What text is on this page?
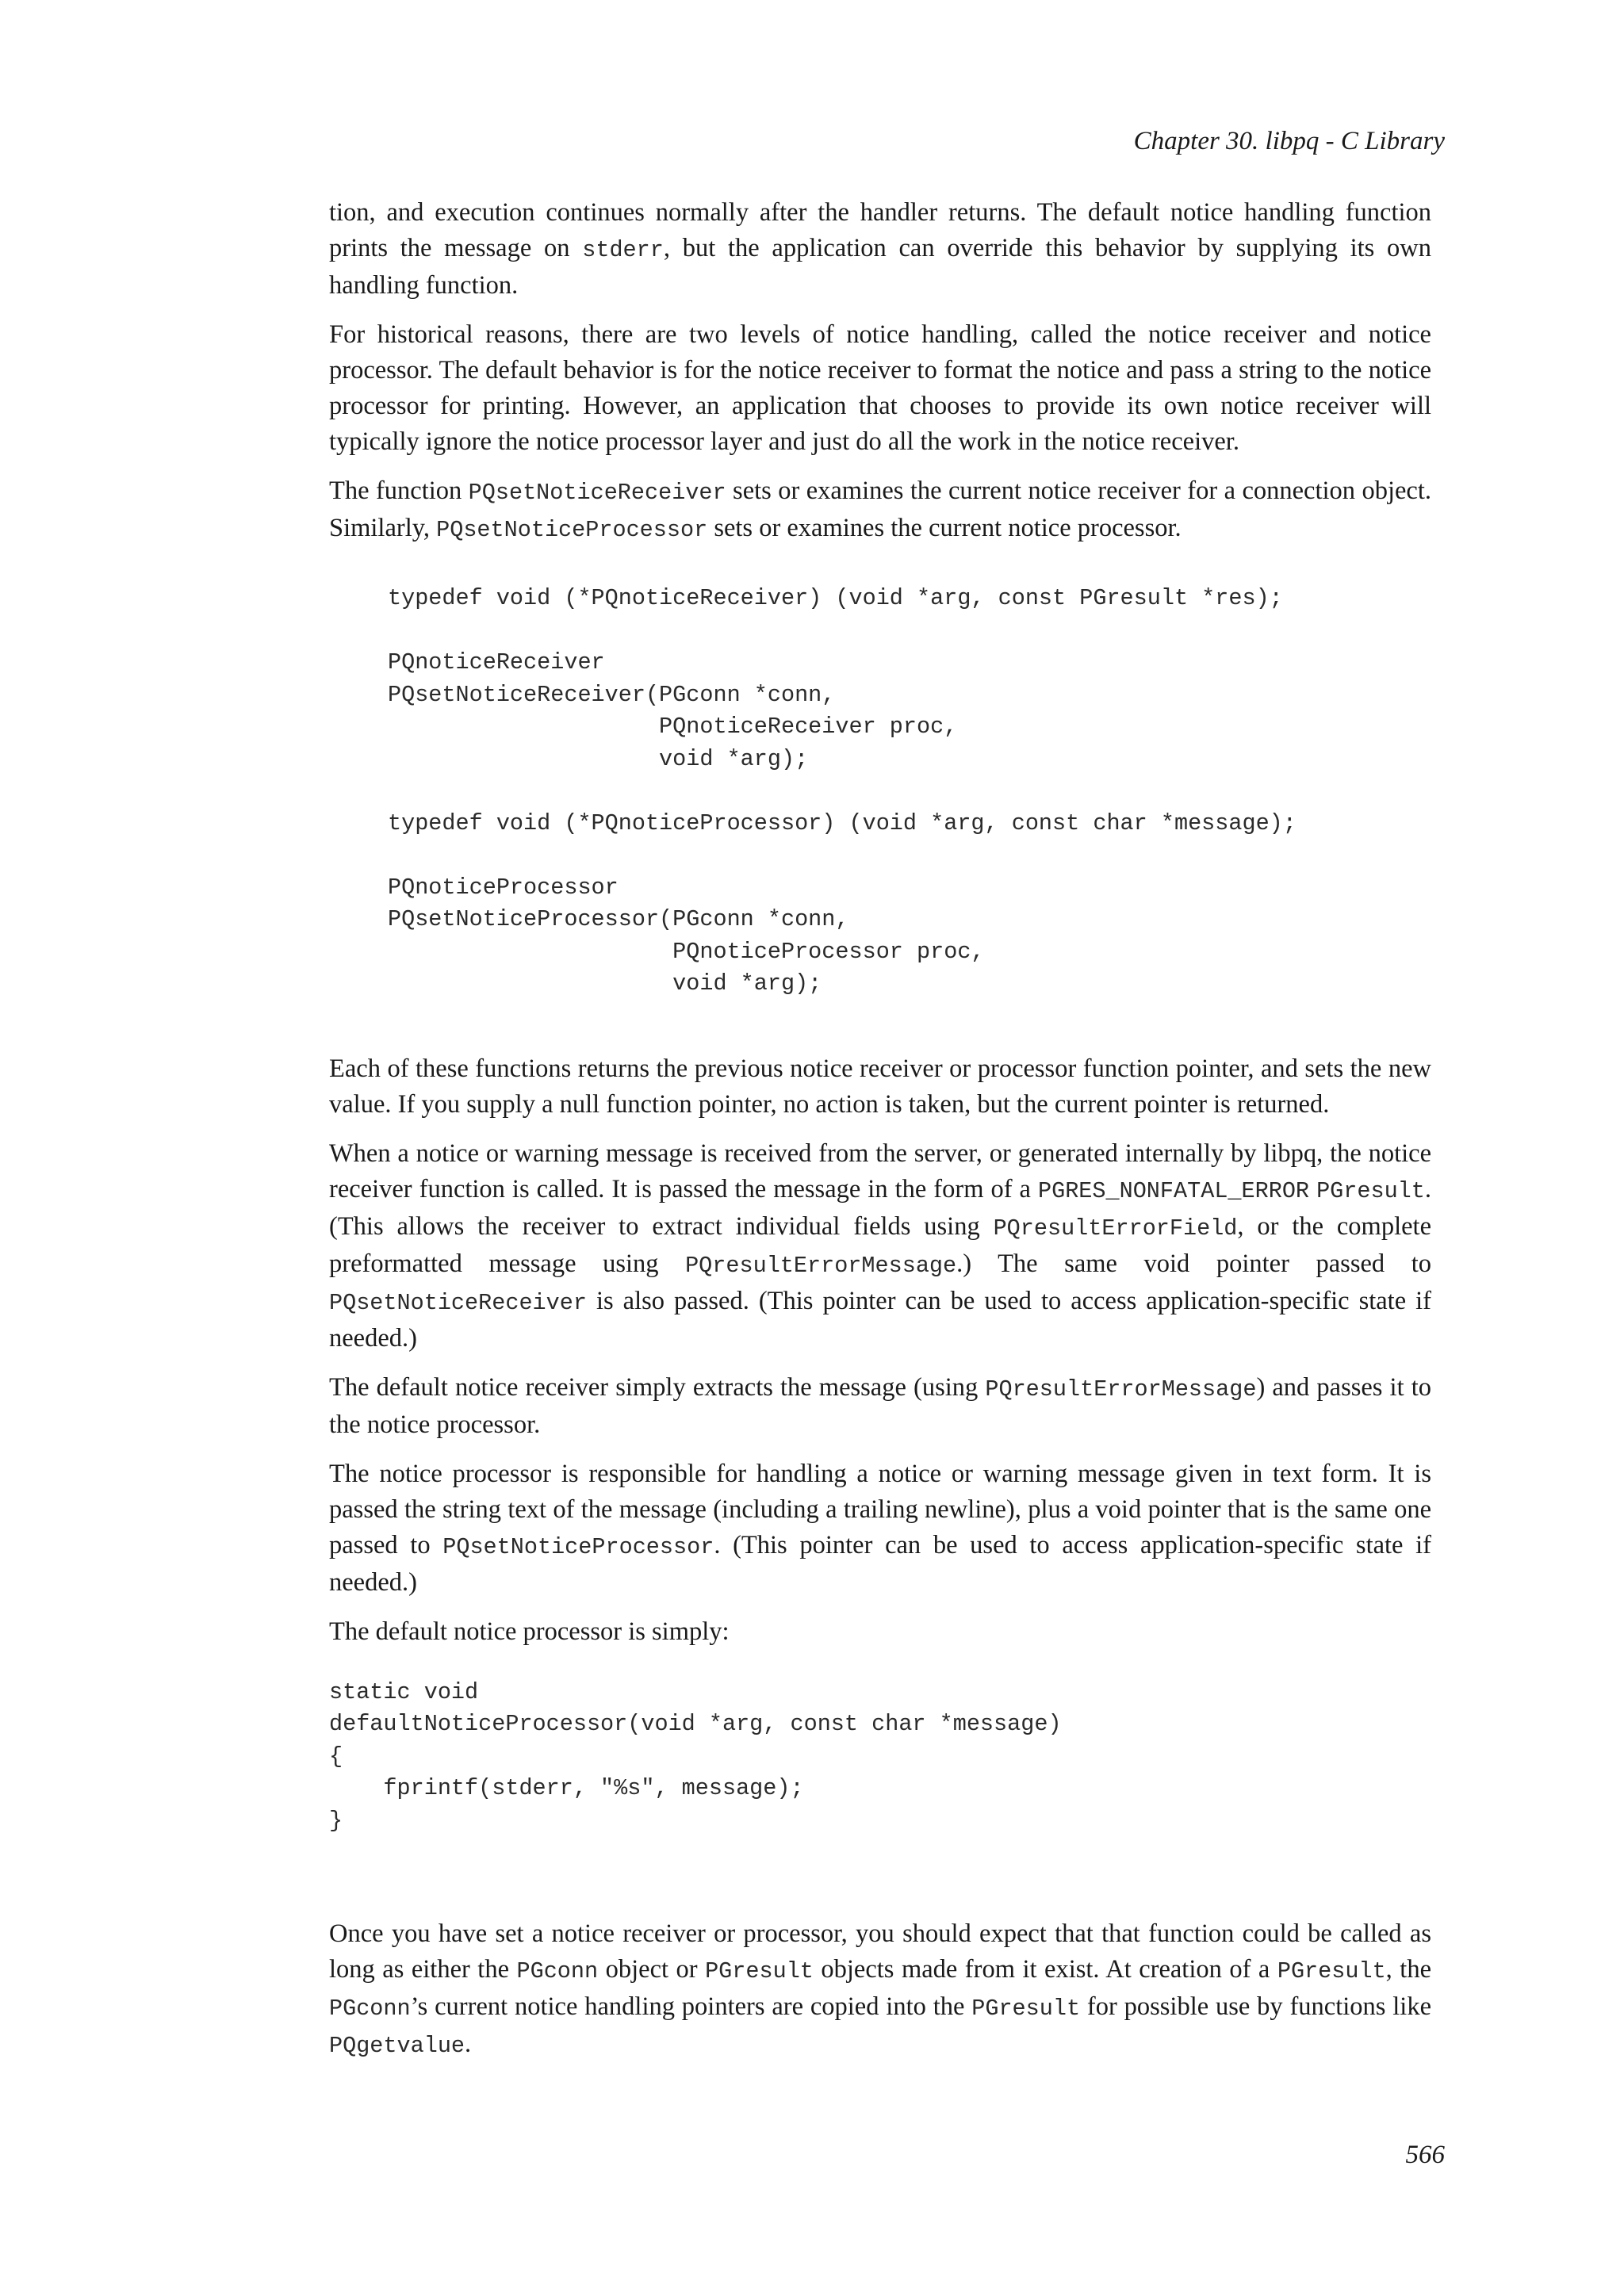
Chapter 30. libpq - C Library

tion, and execution continues normally after the handler returns. The default notice handling function prints the message on stderr, but the application can override this behavior by supplying its own handling function.

For historical reasons, there are two levels of notice handling, called the notice receiver and notice processor. The default behavior is for the notice receiver to format the notice and pass a string to the notice processor for printing. However, an application that chooses to provide its own notice receiver will typically ignore the notice processor layer and just do all the work in the notice receiver.

The function PQsetNoticeReceiver sets or examines the current notice receiver for a connection object. Similarly, PQsetNoticeProcessor sets or examines the current notice processor.

typedef void (*PQnoticeReceiver) (void *arg, const PGresult *res);

PQnoticeReceiver
PQsetNoticeReceiver(PGconn *conn,
PQnoticeReceiver proc,
void *arg);

typedef void (*PQnoticeProcessor) (void *arg, const char *message);

PQnoticeProcessor
PQsetNoticeProcessor(PGconn *conn,
PQnoticeProcessor proc,
void *arg);

Each of these functions returns the previous notice receiver or processor function pointer, and sets the new value. If you supply a null function pointer, no action is taken, but the current pointer is returned.

When a notice or warning message is received from the server, or generated internally by libpq, the notice receiver function is called. It is passed the message in the form of a PGRES_NONFATAL_ERROR PGresult. (This allows the receiver to extract individual fields using PQresultErrorField, or the complete preformatted message using PQresultErrorMessage.) The same void pointer passed to PQsetNoticeReceiver is also passed. (This pointer can be used to access application-specific state if needed.)

The default notice receiver simply extracts the message (using PQresultErrorMessage) and passes it to the notice processor.

The notice processor is responsible for handling a notice or warning message given in text form. It is passed the string text of the message (including a trailing newline), plus a void pointer that is the same one passed to PQsetNoticeProcessor. (This pointer can be used to access application-specific state if needed.)

The default notice processor is simply:

static void
defaultNoticeProcessor(void *arg, const char *message)
{
fprintf(stderr, "%s", message);
}

Once you have set a notice receiver or processor, you should expect that that function could be called as long as either the PGconn object or PGresult objects made from it exist. At creation of a PGresult, the PGconn’s current notice handling pointers are copied into the PGresult for possible use by functions like PQgetvalue.

566
